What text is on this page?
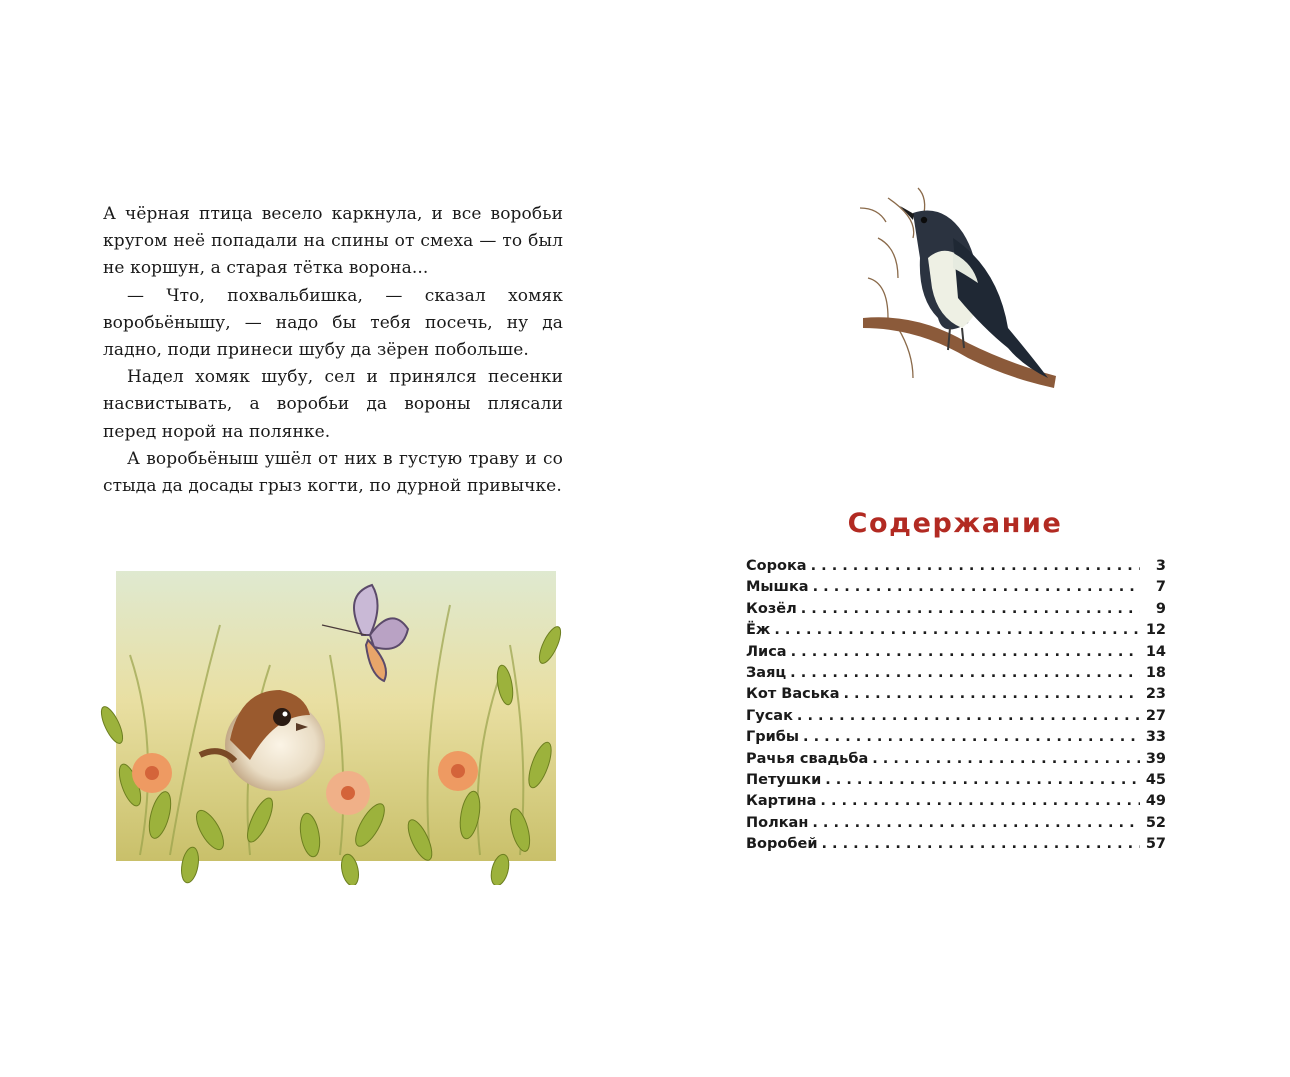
А чёрная птица весело каркнула, и все воробьи кругом неё попадали на спины от смеха — то был не коршун, а старая тётка ворона...

— Что, похвальбишка, — сказал хомяк воробьёнышу, — надо бы тебя посечь, ну да ладно, поди принеси шубу да зёрен побольше.

Надел хомяк шубу, сел и принялся песенки насвистывать, а воробьи да вороны плясали перед норой на полянке.

А воробьёныш ушёл от них в густую траву и со стыда да досады грыз когти, по дурной привычке.

Содержание
Сорока . . .	3
Мышка . . .	7
Козёл . . .	9
Ёж . . .	12
Лиса . . .	14
Заяц . . .	18
Кот Васька . . .	23
Гусак . . .	27
Грибы . . .	33
Рачья свадьба . . .	39
Петушки . . .	45
Картина . . .	49
Полкан . . .	52
Воробей . . .	57
